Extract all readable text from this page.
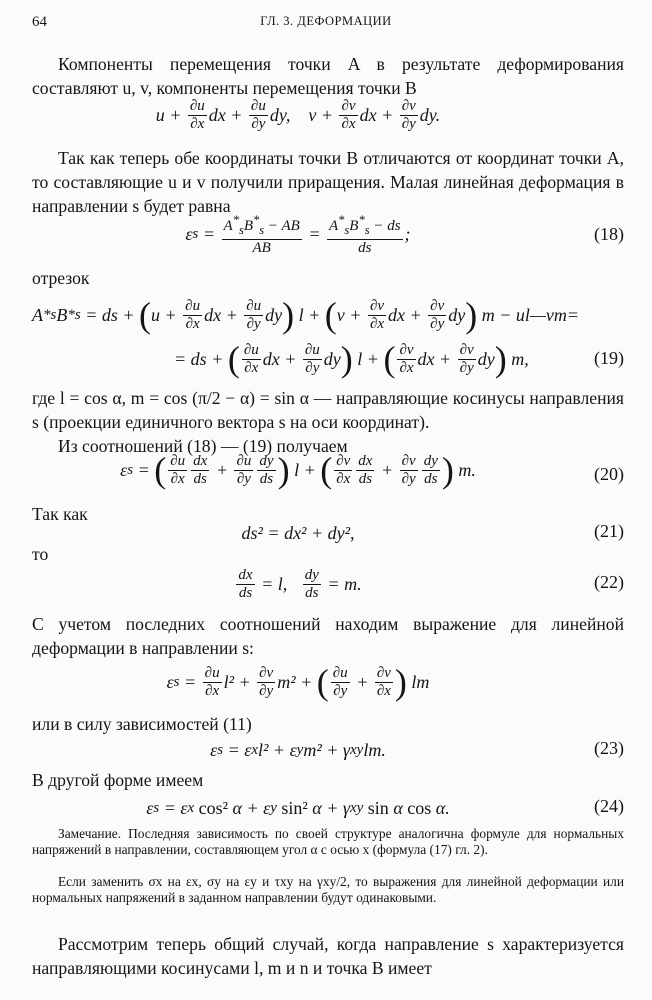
64	ГЛ. 3. ДЕФОРМАЦИИ

Компоненты перемещения точки A в результате деформирования составляют u, v, компоненты перемещения точки B

$u + \frac{\partial u}{\partial x}$ dx + $\frac{\partial u}{\partial y}$ dy, $v + \frac{\partial v}{\partial x}$ dx + $\frac{\partial v}{\partial y}$ dy.

Так как теперь обе координаты точки B отличаются от координат точки A, то составляющие u и v получили приращения. Малая линейная деформация в направлении s будет равна

ε $s = \frac{A^*_sB^*_s - AB}{AB} = \frac{A^*_sB^*_s - ds}{ds}$ ;	(18)

отрезок

A * s B * s = ds + ( $u + \frac{\partial u}{\partial x}$ dx + $\frac{\partial u}{\partial y}$ dy ) l + ( $v + \frac{\partial v}{\partial x}$ dx + $\frac{\partial v}{\partial y}$ dy ) m − ul—vm=
= ds + ( $\frac{\partial u}{\partial x}$ dx + $\frac{\partial u}{\partial y}$ dy ) l + ( $\frac{\partial v}{\partial x}$ dx + $\frac{\partial v}{\partial y}$ dy ) m,	(19)

где l = cos α, m = cos (π/2 − α) = sin α — направляющие косинусы направления s (проекции единичного вектора s на оси координат).

Из соотношений (18) — (19) получаем

ε s = ( $\frac{\partial u}{\partial x} \frac{dx}{ds} + \frac{\partial u}{\partial y} \frac{dy}{ds}$ ) l + ( $\frac{\partial v}{\partial x} \frac{dx}{ds} + \frac{\partial v}{\partial y} \frac{dy}{ds}$ ) m.	(20)

Так как

ds² = dx² + dy²,	(21)

то

$\frac{dx}{ds} = l$, $\frac{dy}{ds} = m$.	(22)

С учетом последних соотношений находим выражение для линейной деформации в направлении s:

ε $s = \frac{\partial u}{\partial x} l^2 + \frac{\partial v}{\partial y} m^2$ + ( $\frac{\partial u}{\partial y} + \frac{\partial v}{\partial x}$ ) lm

или в силу зависимостей (11)

ε s = ε x l² + ε y m² + γ xy lm.	(23)

В другой форме имеем

ε s = ε x
cos² α + ε y
sin² α + γ xy
sin α cos α.	(24)

Замечание. Последняя зависимость по своей структуре аналогична формуле для нормальных напряжений в направлении, составляющем угол α с осью x (формула (17) гл. 2).

Если заменить σx на εx, σy на εy и τxy на γxy/2, то выражения для линейной деформации или нормальных напряжений в заданном направлении будут одинаковыми.

Рассмотрим теперь общий случай, когда направление s характеризуется направляющими косинусами l, m и n и точка B имеет
